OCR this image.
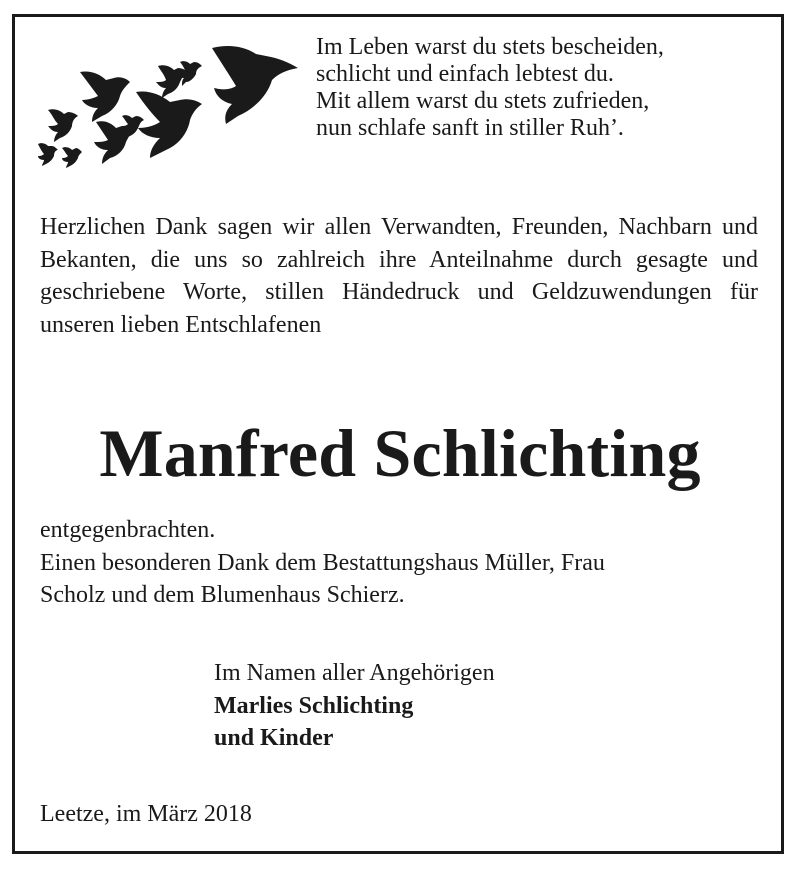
Im Leben warst du stets bescheiden,
schlicht und einfach lebtest du.
Mit allem warst du stets zufrieden,
nun schlafe sanft in stiller Ruh’.
Herzlichen Dank sagen wir allen Verwandten, Freunden, Nachbarn und Bekanten, die uns so zahlreich ihre Anteilnahme durch gesagte und geschriebene Worte, stillen Händedruck und Geldzuwendungen für unseren lieben Entschlafenen
Manfred Schlichting
entgegenbrachten.
Einen besonderen Dank dem Bestattungshaus Müller, Frau
Scholz und dem Blumenhaus Schierz.
Im Namen aller Angehörigen
Marlies Schlichting
und Kinder
Leetze, im März 2018
